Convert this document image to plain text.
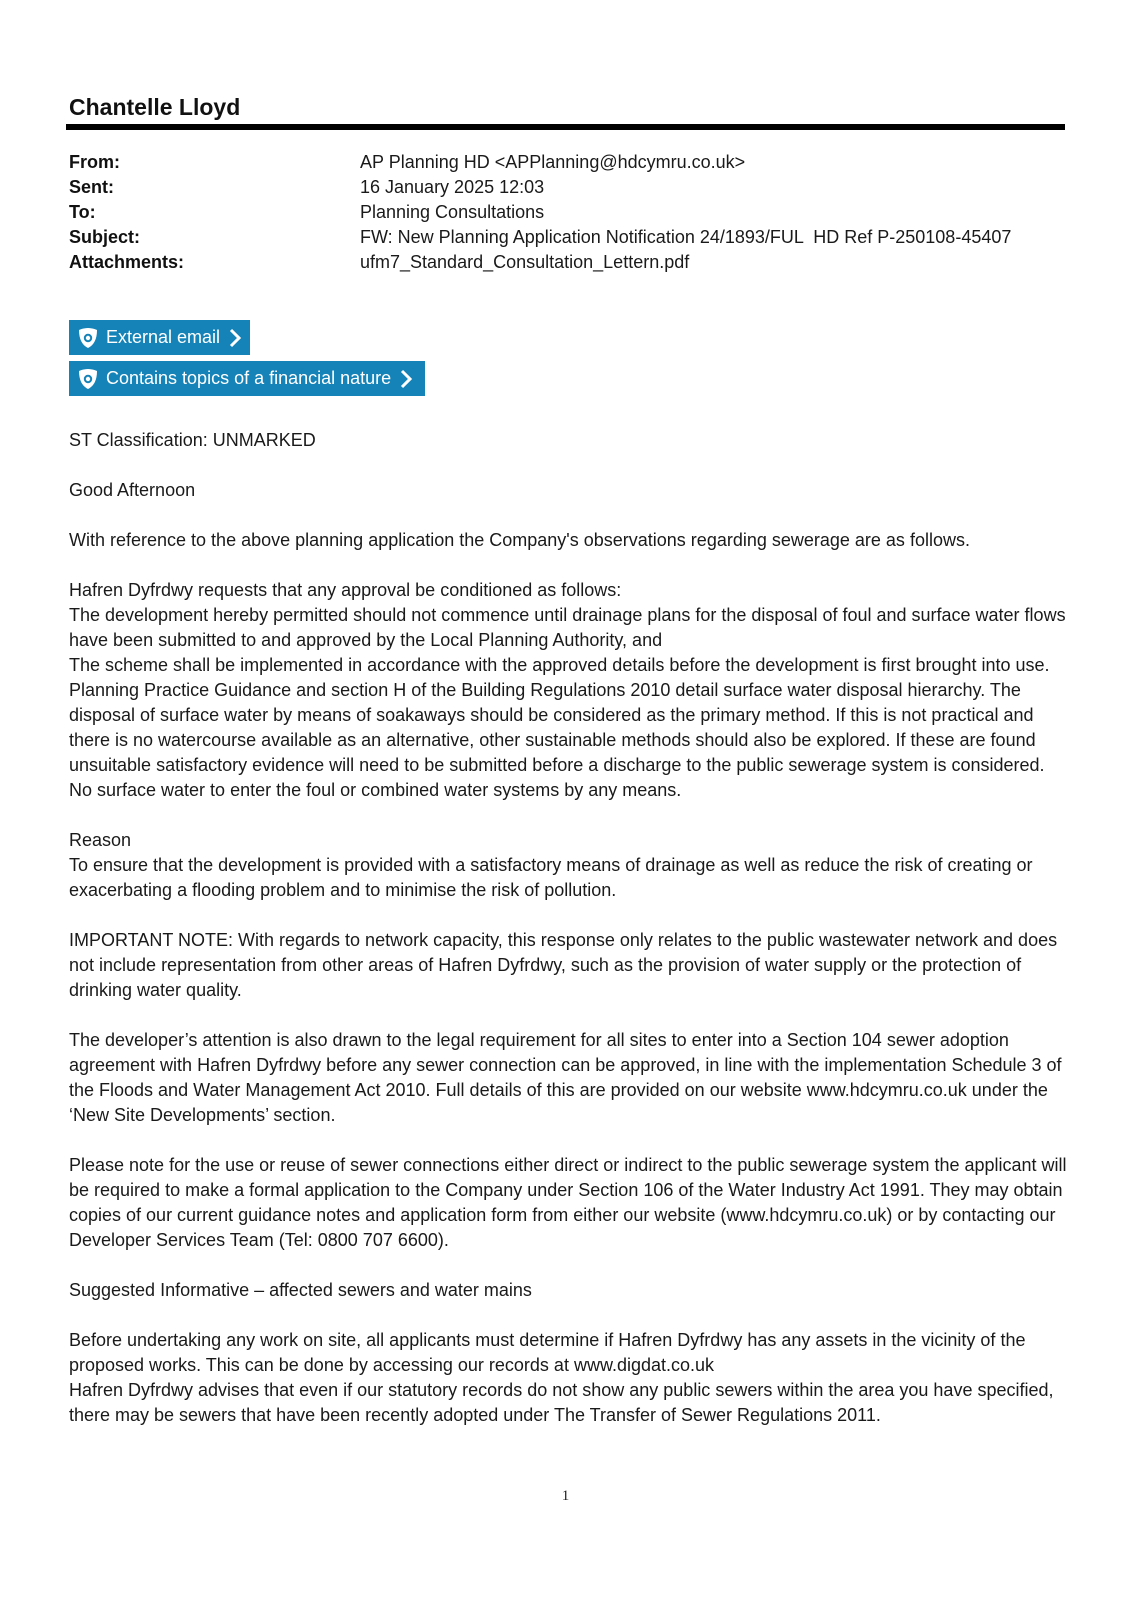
Chantelle Lloyd
From:	AP Planning HD <APPlanning@hdcymru.co.uk>
Sent:	16 January 2025 12:03
To:	Planning Consultations
Subject:	FW: New Planning Application Notification 24/1893/FUL  HD Ref P-250108-45407
Attachments:	ufm7_Standard_Consultation_Lettern.pdf
External email
Contains topics of a financial nature

ST Classification: UNMARKED

Good Afternoon

With reference to the above planning application the Company's observations regarding sewerage are as follows.

Hafren Dyfrdwy requests that any approval be conditioned as follows:

The development hereby permitted should not commence until drainage plans for the disposal of foul and surface water flows have been submitted to and approved by the Local Planning Authority, and

The scheme shall be implemented in accordance with the approved details before the development is first brought into use.

Planning Practice Guidance and section H of the Building Regulations 2010 detail surface water disposal hierarchy. The disposal of surface water by means of soakaways should be considered as the primary method. If this is not practical and there is no watercourse available as an alternative, other sustainable methods should also be explored. If these are found unsuitable satisfactory evidence will need to be submitted before a discharge to the public sewerage system is considered. No surface water to enter the foul or combined water systems by any means.

Reason

To ensure that the development is provided with a satisfactory means of drainage as well as reduce the risk of creating or exacerbating a flooding problem and to minimise the risk of pollution.

IMPORTANT NOTE: With regards to network capacity, this response only relates to the public wastewater network and does not include representation from other areas of Hafren Dyfrdwy, such as the provision of water supply or the protection of drinking water quality.

The developer’s attention is also drawn to the legal requirement for all sites to enter into a Section 104 sewer adoption agreement with Hafren Dyfrdwy before any sewer connection can be approved, in line with the implementation Schedule 3 of the Floods and Water Management Act 2010. Full details of this are provided on our website www.hdcymru.co.uk under the ‘New Site Developments’ section.

Please note for the use or reuse of sewer connections either direct or indirect to the public sewerage system the applicant will be required to make a formal application to the Company under Section 106 of the Water Industry Act 1991. They may obtain copies of our current guidance notes and application form from either our website (www.hdcymru.co.uk) or by contacting our Developer Services Team (Tel: 0800 707 6600).

Suggested Informative – affected sewers and water mains

Before undertaking any work on site, all applicants must determine if Hafren Dyfrdwy has any assets in the vicinity of the proposed works. This can be done by accessing our records at www.digdat.co.uk

Hafren Dyfrdwy advises that even if our statutory records do not show any public sewers within the area you have specified, there may be sewers that have been recently adopted under The Transfer of Sewer Regulations 2011.

1
